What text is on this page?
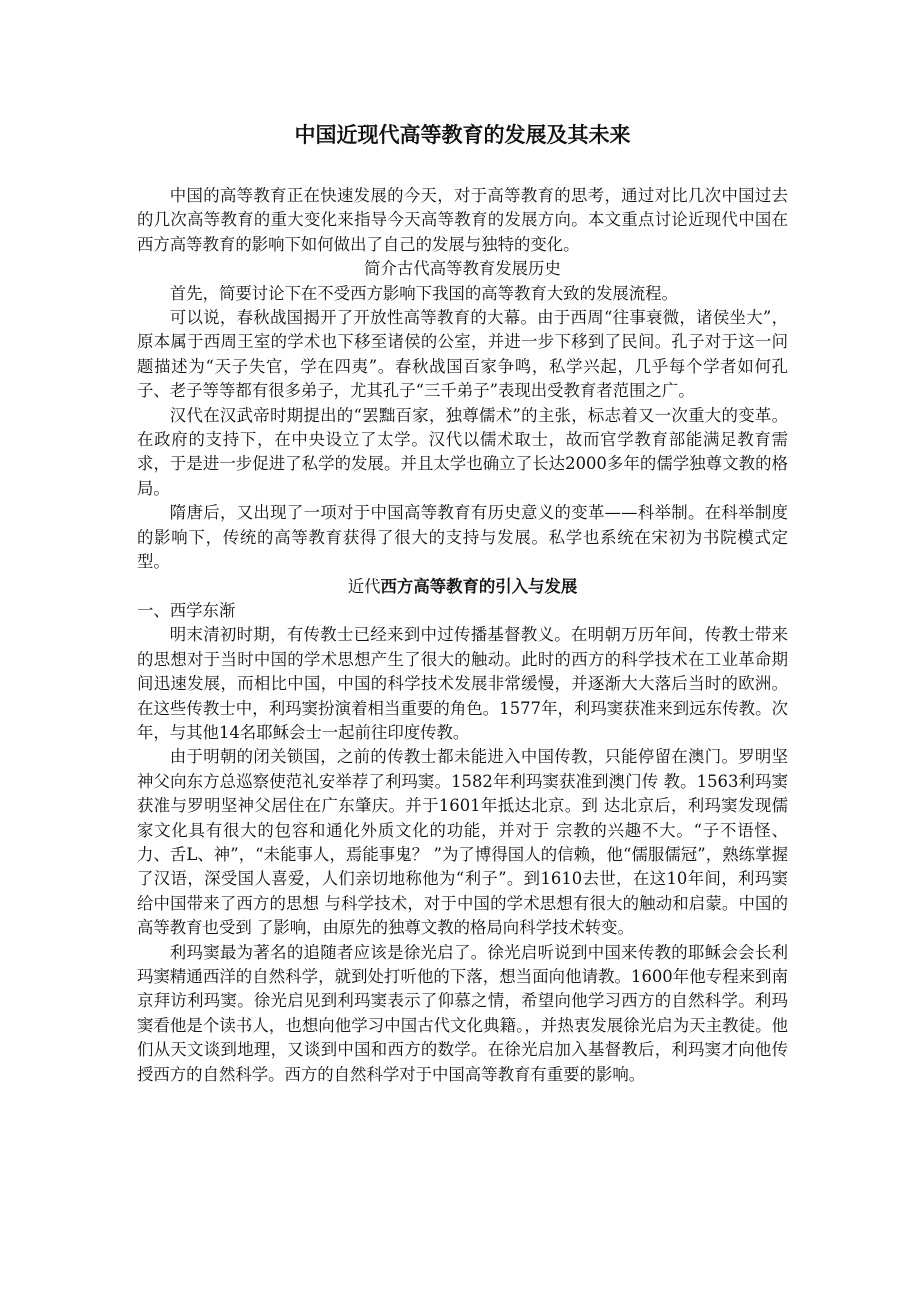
中国近现代高等教育的发展及其未来

中国的高等教育正在快速发展的今天，对于高等教育的思考，通过对比几次中国过去的几次高等教育的重大变化来指导今天高等教育的发展方向。本文重点讨论近现代中国在西方高等教育的影响下如何做出了自己的发展与独特的变化。

简介古代高等教育发展历史

首先，简要讨论下在不受西方影响下我国的高等教育大致的发展流程。

可以说，春秋战国揭开了开放性高等教育的大幕。由于西周“往事衰微，诸侯坐大”，原本属于西周王室的学术也下移至诸侯的公室，并进一步下移到了民间。孔子对于这一问题描述为“天子失官，学在四夷”。春秋战国百家争鸣，私学兴起，几乎每个学者如何孔子、老子等等都有很多弟子，尤其孔子“三千弟子”表现出受教育者范围之广。

汉代在汉武帝时期提出的“罢黜百家，独尊儒术”的主张，标志着又一次重大的变革。在政府的支持下，在中央设立了太学。汉代以儒术取士，故而官学教育部能满足教育需求，于是进一步促进了私学的发展。并且太学也确立了长达2000多年的儒学独尊文教的格局。

隋唐后，又出现了一项对于中国高等教育有历史意义的变革——科举制。在科举制度的影响下，传统的高等教育获得了很大的支持与发展。私学也系统在宋初为书院模式定型。

近代西方高等教育的引入与发展

一、西学东渐

明末清初时期，有传教士已经来到中过传播基督教义。在明朝万历年间，传教士带来的思想对于当时中国的学术思想产生了很大的触动。此时的西方的科学技术在工业革命期间迅速发展，而相比中国，中国的科学技术发展非常缓慢，并逐渐大大落后当时的欧洲。在这些传教士中，利玛窦扮演着相当重要的角色。1577年，利玛窦获准来到远东传教。次年，与其他14名耶稣会士一起前往印度传教。

由于明朝的闭关锁国，之前的传教士都未能进入中国传教，只能停留在澳门。罗明坚神父向东方总巡察使范礼安举荐了利玛窦。1582年利玛窦获准到澳门传 教。1563利玛窦获准与罗明坚神父居住在广东肇庆。并于1601年抵达北京。到 达北京后，利玛窦发现儒家文化具有很大的包容和通化外质文化的功能，并对于 宗教的兴趣不大。“子不语怪、力、舌L、神”，“未能事人，焉能事鬼？ ”为了博得国人的信赖，他“儒服儒冠”，熟练掌握了汉语，深受国人喜爱，人们亲切地称他为“利子”。到1610去世，在这10年间，利玛窦给中国带来了西方的思想 与科学技术，对于中国的学术思想有很大的触动和启蒙。中国的高等教育也受到 了影响，由原先的独尊文教的格局向科学技术转变。

利玛窦最为著名的追随者应该是徐光启了。徐光启听说到中国来传教的耶稣会会长利玛窦精通西洋的自然科学，就到处打听他的下落，想当面向他请教。1600年他专程来到南京拜访利玛窦。徐光启见到利玛窦表示了仰慕之情，希望向他学习西方的自然科学。利玛窦看他是个读书人，也想向他学习中国古代文化典籍。，并热衷发展徐光启为天主教徒。他们从天文谈到地理，又谈到中国和西方的数学。在徐光启加入基督教后，利玛窦才向他传授西方的自然科学。西方的自然科学对于中国高等教育有重要的影响。
